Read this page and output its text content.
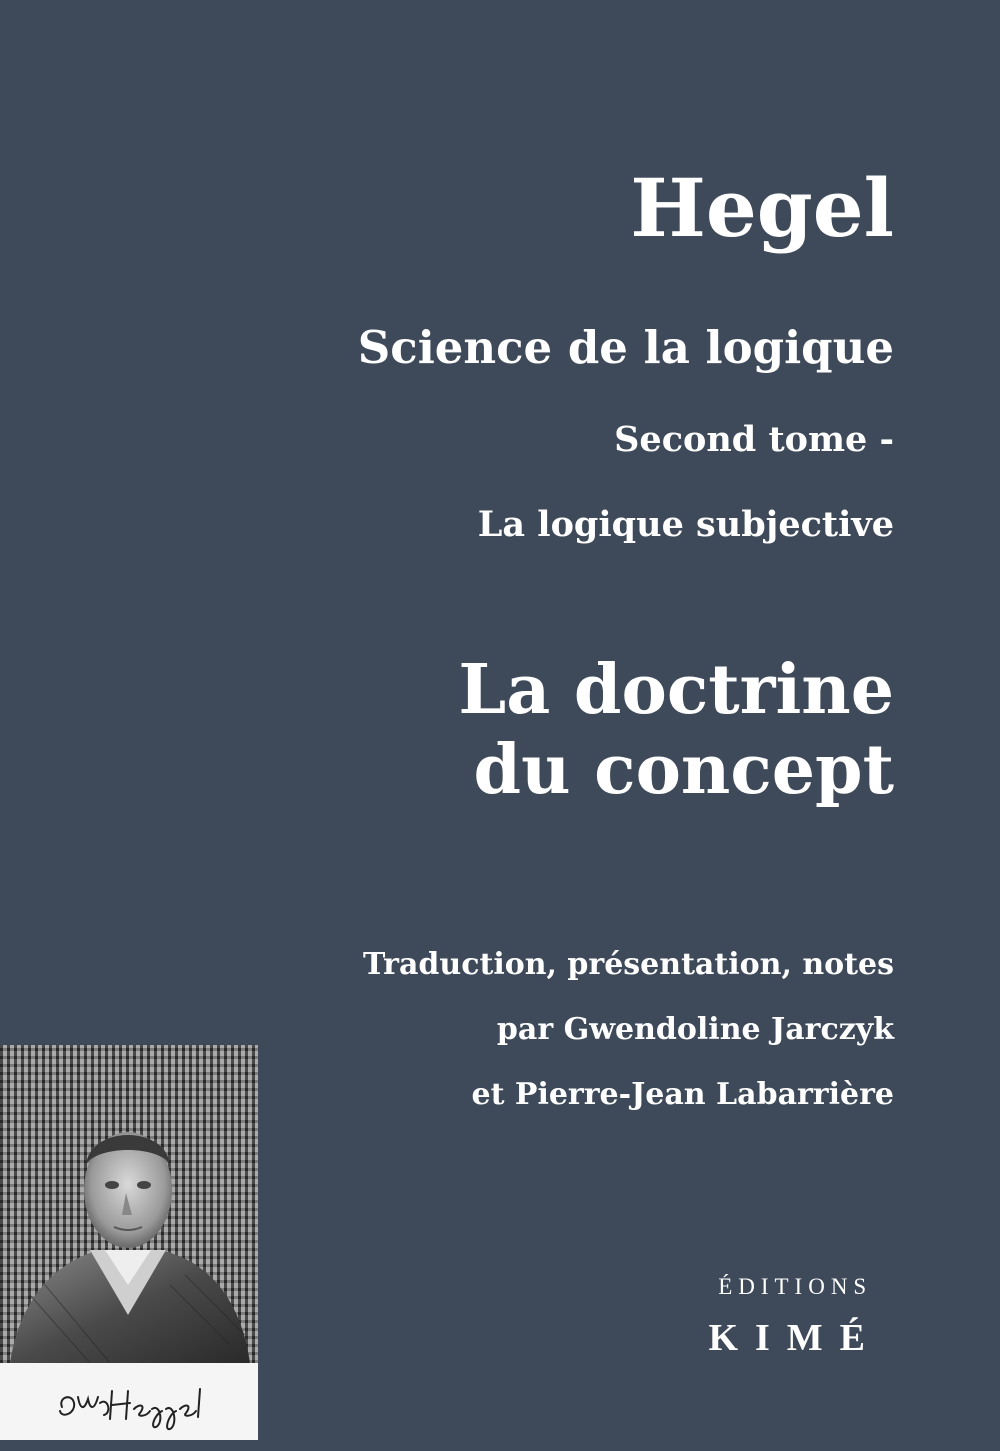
Hegel
Science de la logique
Second tome -
La logique subjective
La doctrine
du concept
Traduction, présentation, notes
par Gwendoline Jarczyk
et Pierre-Jean Labarrière
ÉDITIONS
KIMÉ
